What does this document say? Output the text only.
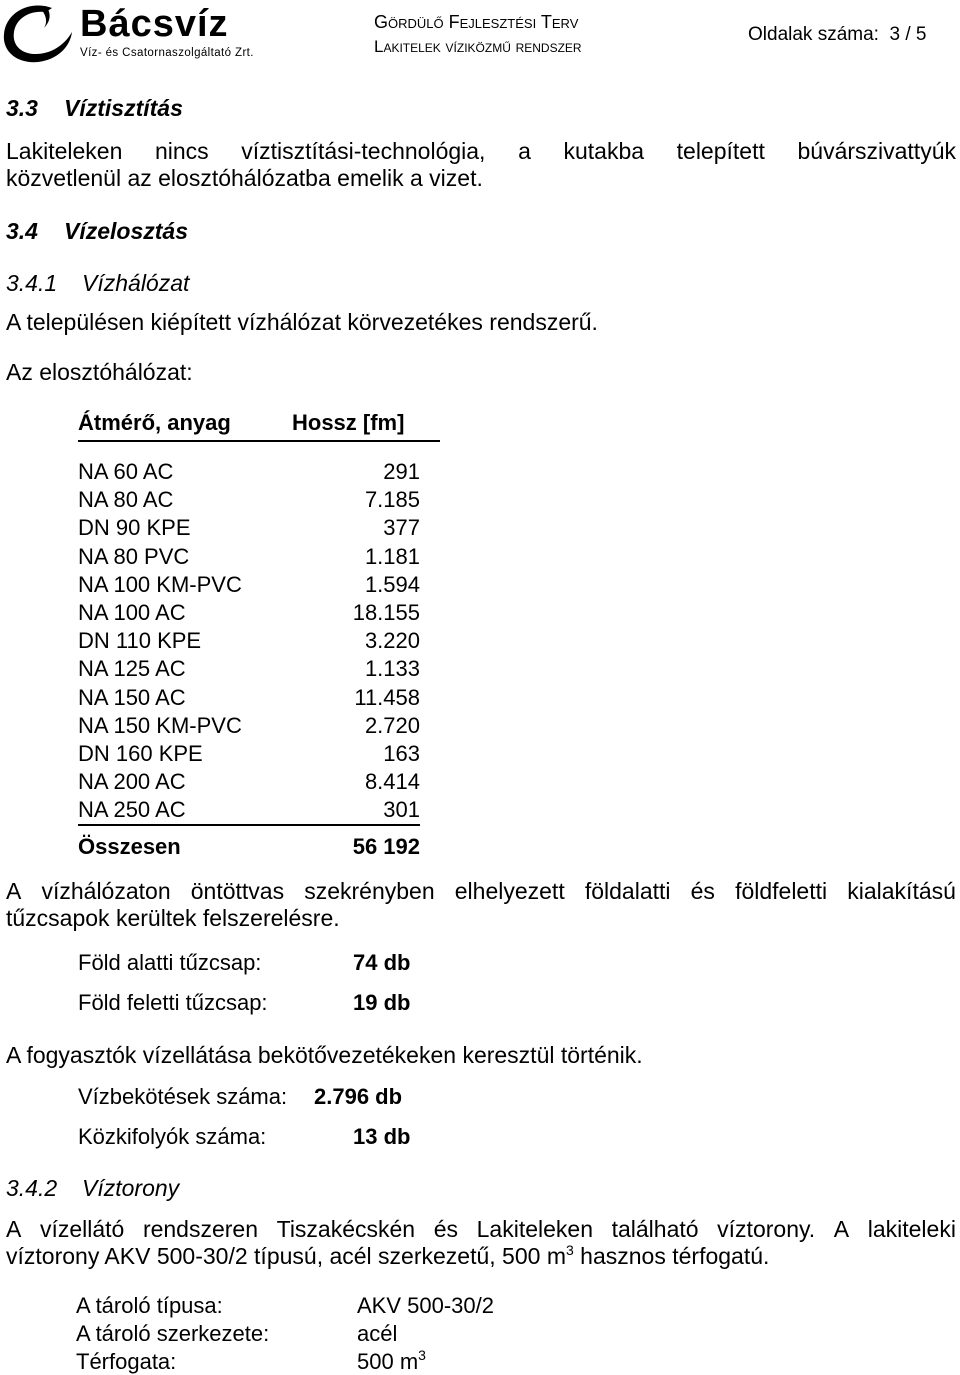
Bácsvíz
Víz- és Csatornaszolgáltató Zrt.
Gördülő Fejlesztési Terv
Lakitelek víziközmű rendszer
Oldalak száma: 3 / 5
3.3 Víztisztítás
Lakiteleken nincs víztisztítási-technológia, a kutakba telepített búvárszivattyúk
közvetlenül az elosztóhálózatba emelik a vizet.
3.4 Vízelosztás
3.4.1 Vízhálózat
A településen kiépített vízhálózat körvezetékes rendszerű.
Az elosztóhálózat:
Átmérő, anyag	Hossz [fm]
NA 60 AC	291
NA 80 AC	7.185
DN 90 KPE	377
NA 80 PVC	1.181
NA 100 KM-PVC	1.594
NA 100 AC	18.155
DN 110 KPE	3.220
NA 125 AC	1.133
NA 150 AC	11.458
NA 150 KM-PVC	2.720
DN 160 KPE	163
NA 200 AC	8.414
NA 250 AC	301
Összesen	56 192
A vízhálózaton öntöttvas szekrényben elhelyezett földalatti és földfeletti kialakítású
tűzcsapok kerültek felszerelésre.
Föld alatti tűzcsap:	74 db
Föld feletti tűzcsap:	19 db
A fogyasztók vízellátása bekötővezetékeken keresztül történik.
Vízbekötések száma: 2.796 db
Közkifolyók száma:	13 db
3.4.2 Víztorony
A vízellátó rendszeren Tiszakécskén és Lakiteleken található víztorony. A lakiteleki
víztorony AKV 500-30/2 típusú, acél szerkezetű, 500 $m^3$ hasznos térfogatú.
A tároló típusa:	AKV 500-30/2
A tároló szerkezete:	acél
Térfogata:	500 $m^3$
